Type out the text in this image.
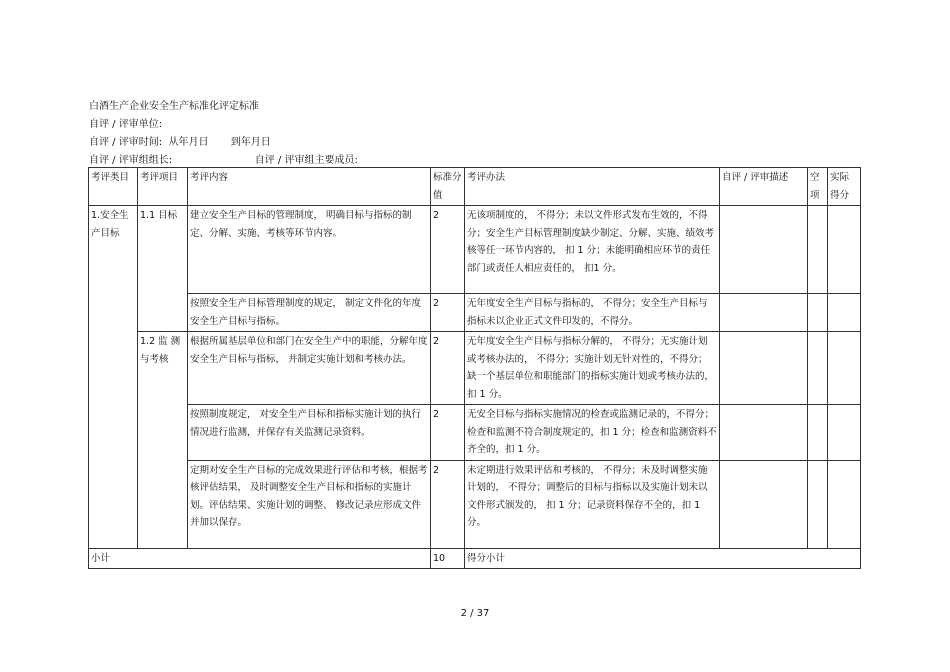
白酒生产企业安全生产标准化评定标准
自评 / 评审单位:
自评 / 评审时间:  从年月日       到年月日
自评 / 评审组组长:                          自评 / 评审组主要成员:
考评类目	考评项目	考评内容	标准分值	考评办法	自评 / 评审描述	空项	实际得分
1.安全生产目标	1.1 目标	建立安全生产目标的管理制度， 明确目标与指标的制定、分解、实施、考核等环节内容。	2	无该项制度的， 不得分；未以文件形式发布生效的，不得分；安全生产目标管理制度缺少制定、分解、实施、绩效考核等任一环节内容的， 扣 1 分；未能明确相应环节的责任部门或责任人相应责任的， 扣1 分。			
		按照安全生产目标管理制度的规定， 制定文件化的年度安全生产目标与指标。	2	无年度安全生产目标与指标的， 不得分；安全生产目标与指标未以企业正式文件印发的，不得分。			
	1.2 监 测与考核	根据所属基层单位和部门在安全生产中的职能，分解年度安全生产目标与指标， 并制定实施计划和考核办法。	2	无年度安全生产目标与指标分解的， 不得分；无实施计划或考核办法的， 不得分；实施计划无针对性的，不得分；缺一个基层单位和职能部门的指标实施计划或考核办法的，扣 1 分。			
		按照制度规定， 对安全生产目标和指标实施计划的执行情况进行监测，并保存有关监测记录资料。	2	无安全目标与指标实施情况的检查或监测记录的，不得分；检查和监测不符合制度规定的，扣 1 分；检查和监测资料不齐全的，扣 1 分。			
		定期对安全生产目标的完成效果进行评估和考核，根据考核评估结果， 及时调整安全生产目标和指标的实施计划。评估结果、实施计划的调整、 修改记录应形成文件并加以保存。	2	未定期进行效果评估和考核的， 不得分；未及时调整实施计划的， 不得分；调整后的目标与指标以及实施计划未以文件形式颁发的， 扣 1 分；记录资料保存不全的，扣 1 分。			
小计			10	得分小计			
2 / 37
